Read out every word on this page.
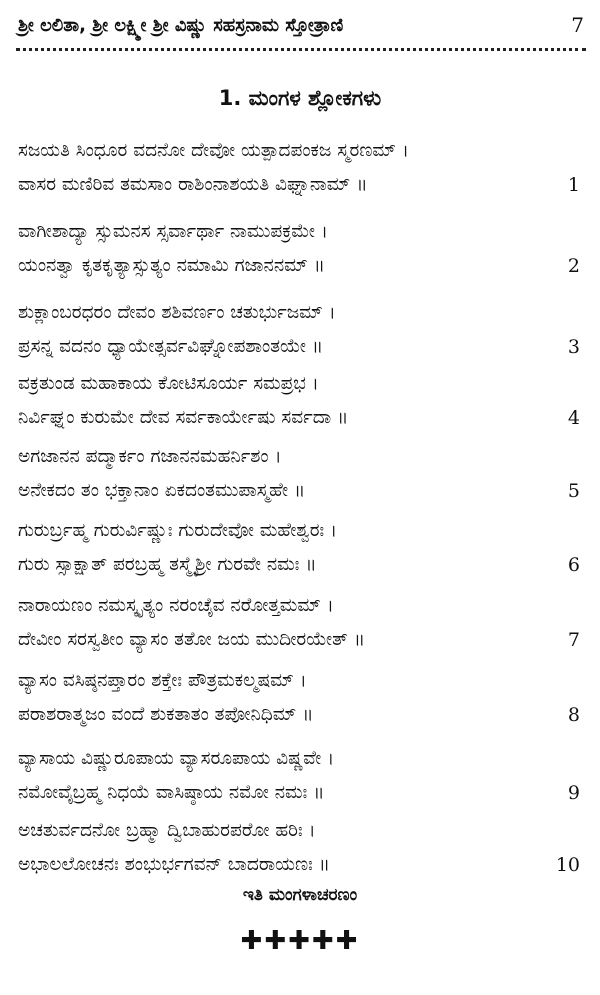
ಶ್ರೀ ಲಲಿತಾ, ಶ್ರೀ ಲಕ್ಷ್ಮೀ ಶ್ರೀ ವಿಷ್ಣು ಸಹಸ್ರನಾಮ ಸ್ತೋತ್ರಾಣಿ	7
1. ಮಂಗಳ ಶ್ಲೋಕಗಳು
ಸಜಯತಿ ಸಿಂಧೂರ ವದನೋ ದೇವೋ ಯತ್ಪಾದಪಂಕಜ ಸ್ಮರಣಮ್ ।
ವಾಸರ ಮಣಿರಿವ ತಮಸಾಂ ರಾಶಿಂನಾಶಯತಿ ವಿಘ್ನಾನಾಮ್ ॥	1
ವಾಗೀಶಾದ್ಯಾ ಸ್ಸುಮನಸ ಸ್ಸರ್ವಾರ್ಥಾ ನಾಮುಪಕ್ರಮೇ ।
ಯಂನತ್ವಾ ಕೃತಕೃತ್ಯಾಸ್ಸುತ್ಯಂ ನಮಾಮಿ ಗಜಾನನಮ್ ॥	2
ಶುಕ್ಲಾಂಬರಧರಂ ದೇವಂ ಶಶಿವರ್ಣಂ ಚತುರ್ಭುಜಮ್ ।
ಪ್ರಸನ್ನ ವದನಂ ಧ್ಯಾಯೇತ್ಸರ್ವವಿಘ್ನೋಪಶಾಂತಯೇ ॥	3
ವಕ್ರತುಂಡ ಮಹಾಕಾಯ ಕೋಟಿಸೂರ್ಯ ಸಮಪ್ರಭ ।
ನಿರ್ವಿಘ್ನಂ ಕುರುಮೇ ದೇವ ಸರ್ವಕಾರ್ಯೇಷು ಸರ್ವದಾ ॥	4
ಅಗಜಾನನ ಪದ್ಮಾರ್ಕಂ ಗಜಾನನಮಹರ್ನಿಶಂ ।
ಅನೇಕದಂ ತಂ ಭಕ್ತಾನಾಂ ಏಕದಂತಮುಪಾಸ್ಮಹೇ ॥	5
ಗುರುರ್ಬ್ರಹ್ಮ ಗುರುರ್ವಿಷ್ಣುಃ ಗುರುದೇವೋ ಮಹೇಶ್ವರಃ ।
ಗುರು ಸ್ಸಾಕ್ಷಾತ್ ಪರಬ್ರಹ್ಮ ತಸ್ಮೈಶ್ರೀ ಗುರವೇ ನಮಃ ॥	6
ನಾರಾಯಣಂ ನಮಸ್ಕೃತ್ಯಂ ನರಂಚೈವ ನರೋತ್ತಮಮ್ ।
ದೇವೀಂ ಸರಸ್ವತೀಂ ವ್ಯಾಸಂ ತತೋ ಜಯ ಮುದೀರಯೇತ್ ॥	7
ವ್ಯಾಸಂ ವಸಿಷ್ಠನಪ್ತಾರಂ ಶಕ್ತೇಃ ಪೌತ್ರಮಕಲ್ಮಷಮ್ ।
ಪರಾಶರಾತ್ಮಜಂ ವಂದೆ ಶುಕತಾತಂ ತಪೋನಿಧಿಮ್ ॥	8
ವ್ಯಾಸಾಯ ವಿಷ್ಣುರೂಪಾಯ ವ್ಯಾಸರೂಪಾಯ ವಿಷ್ಣವೇ ।
ನಮೋವೈಬ್ರಹ್ಮ ನಿಧಯೆ ವಾಸಿಷ್ಠಾಯ ನಮೋ ನಮಃ ॥	9
ಅಚತುರ್ವದನೋ ಬ್ರಹ್ಮಾ ದ್ವಿಬಾಹುರಪರೋ ಹರಿಃ ।
ಅಭಾಲಲೋಚನಃ ಶಂಭುರ್ಭಗವನ್ ಬಾದರಾಯಣಃ ॥	10
ಇತಿ ಮಂಗಳಾಚರಣಂ
✚✚✚✚✚
